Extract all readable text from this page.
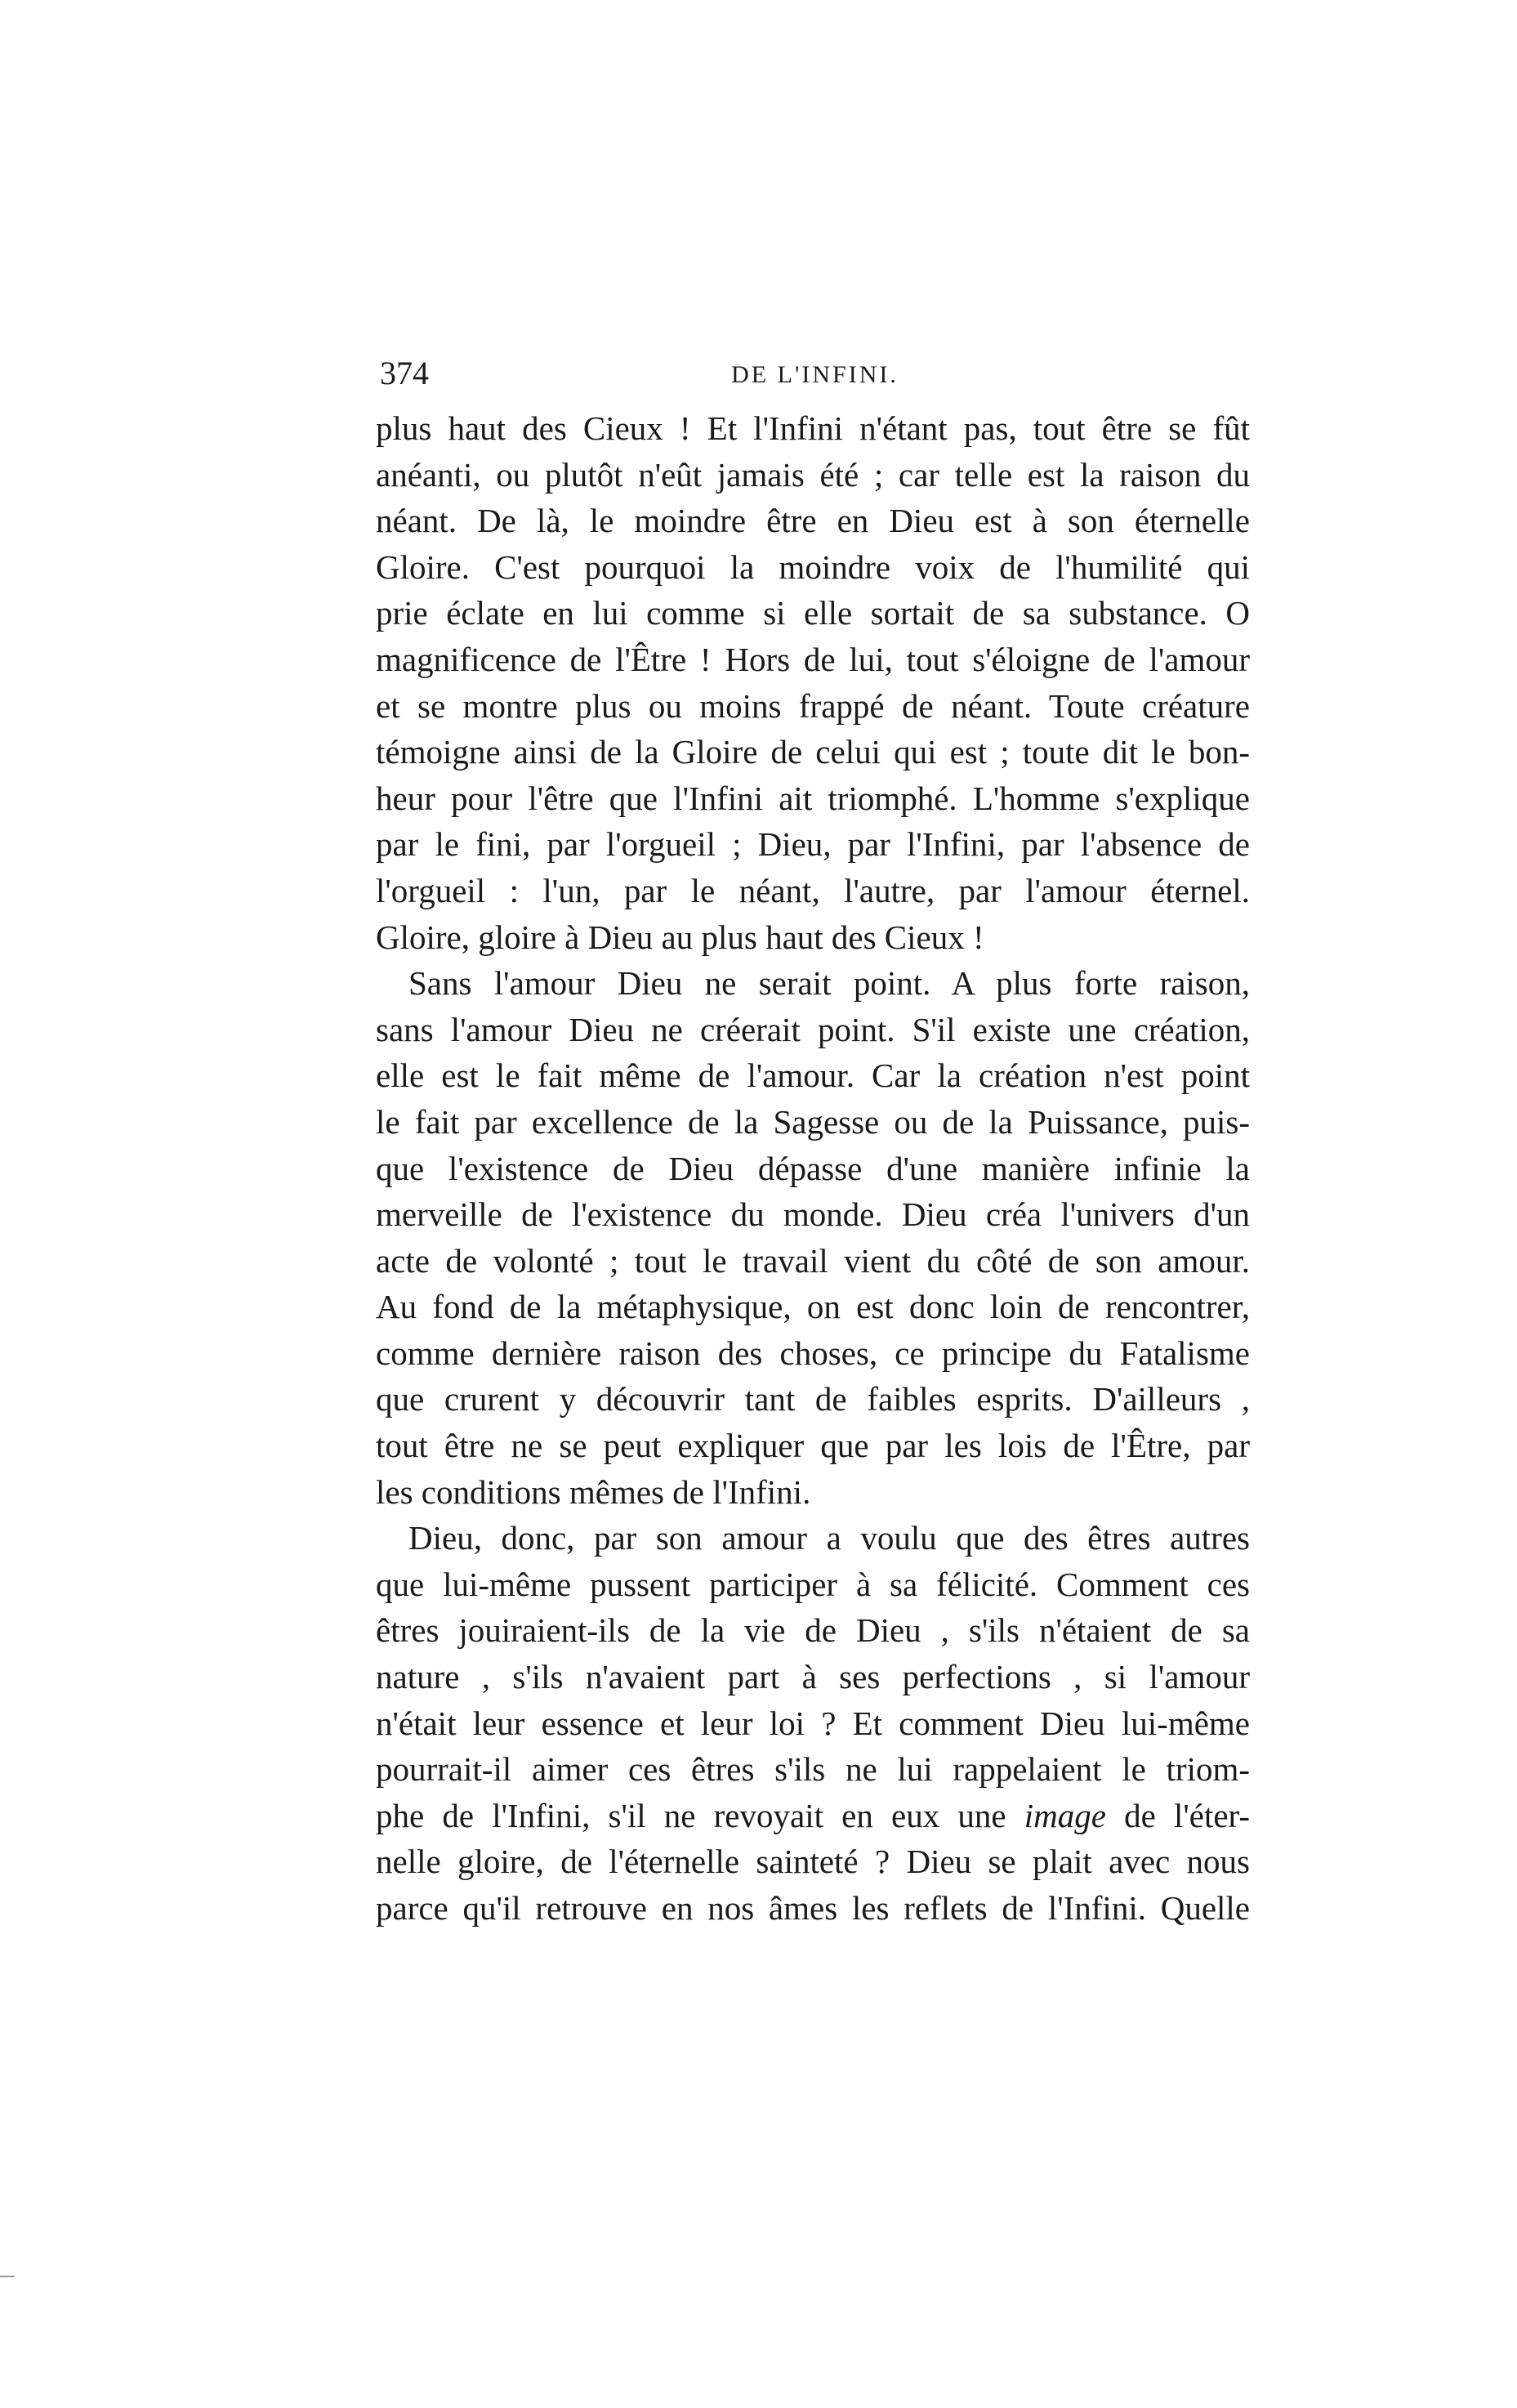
374	DE L'INFINI.
plus haut des Cieux ! Et l'Infini n'étant pas, tout être se fût
anéanti, ou plutôt n'eût jamais été ; car telle est la raison du
néant. De là, le moindre être en Dieu est à son éternelle
Gloire. C'est pourquoi la moindre voix de l'humilité qui
prie éclate en lui comme si elle sortait de sa substance. O
magnificence de l'Être ! Hors de lui, tout s'éloigne de l'amour
et se montre plus ou moins frappé de néant. Toute créature
témoigne ainsi de la Gloire de celui qui est ; toute dit le bon-
heur pour l'être que l'Infini ait triomphé. L'homme s'explique
par le fini, par l'orgueil ; Dieu, par l'Infini, par l'absence de
l'orgueil : l'un, par le néant, l'autre, par l'amour éternel.
Gloire, gloire à Dieu au plus haut des Cieux !
Sans l'amour Dieu ne serait point. A plus forte raison,
sans l'amour Dieu ne créerait point. S'il existe une création,
elle est le fait même de l'amour. Car la création n'est point
le fait par excellence de la Sagesse ou de la Puissance, puis-
que l'existence de Dieu dépasse d'une manière infinie la
merveille de l'existence du monde. Dieu créa l'univers d'un
acte de volonté ; tout le travail vient du côté de son amour.
Au fond de la métaphysique, on est donc loin de rencontrer,
comme dernière raison des choses, ce principe du Fatalisme
que crurent y découvrir tant de faibles esprits. D'ailleurs ,
tout être ne se peut expliquer que par les lois de l'Être, par
les conditions mêmes de l'Infini.
Dieu, donc, par son amour a voulu que des êtres autres
que lui-même pussent participer à sa félicité. Comment ces
êtres jouiraient-ils de la vie de Dieu , s'ils n'étaient de sa
nature , s'ils n'avaient part à ses perfections , si l'amour
n'était leur essence et leur loi ? Et comment Dieu lui-même
pourrait-il aimer ces êtres s'ils ne lui rappelaient le triom-
phe de l'Infini, s'il ne revoyait en eux une image de l'éter-
nelle gloire, de l'éternelle sainteté ? Dieu se plait avec nous
parce qu'il retrouve en nos âmes les reflets de l'Infini. Quelle
